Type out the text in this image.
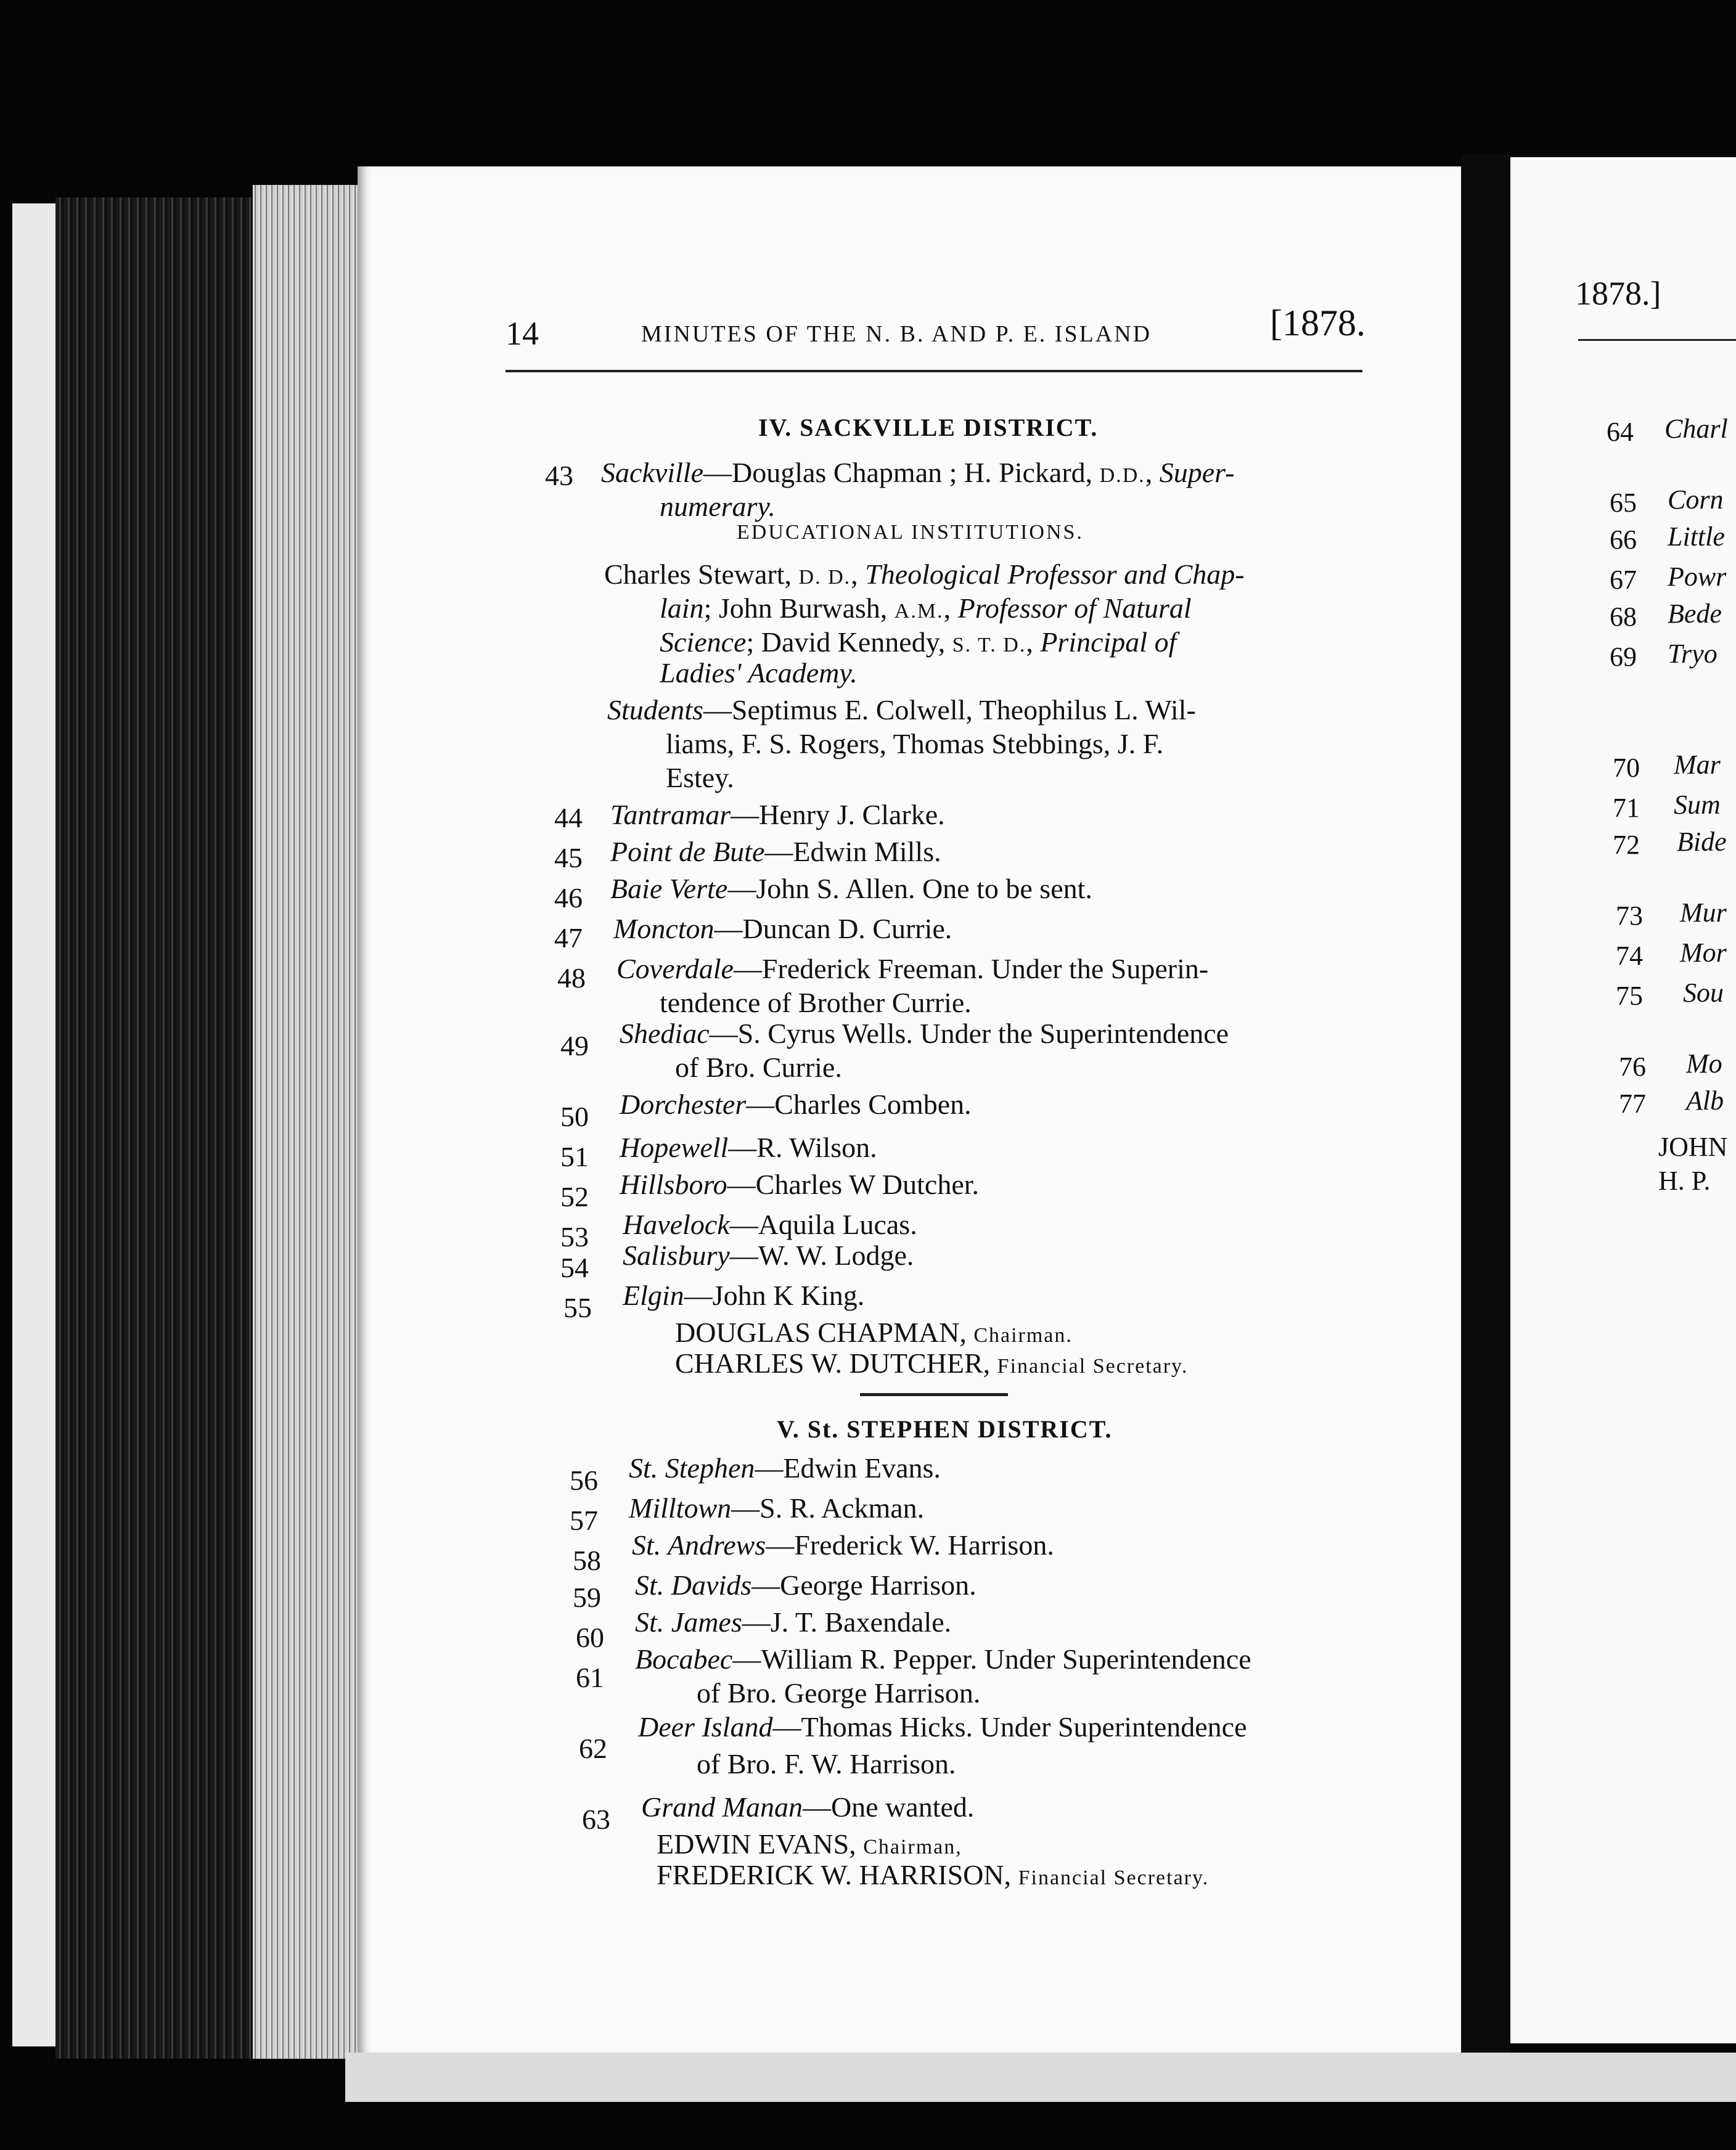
14	MINUTES OF THE N. B. AND P. E. ISLAND	[1878.
IV. SACKVILLE DISTRICT.
43 Sackville—Douglas Chapman ; H. Pickard, D.D., Super-
numerary.
EDUCATIONAL INSTITUTIONS.
Charles Stewart, D. D., Theological Professor and Chap-
lain; John Burwash, A.M., Professor of Natural
Science; David Kennedy, S. T. D., Principal of
Ladies' Academy.
Students—Septimus E. Colwell, Theophilus L. Wil-
liams, F. S. Rogers, Thomas Stebbings, J. F.
Estey.
44 Tantramar—Henry J. Clarke.
45 Point de Bute—Edwin Mills.
46 Baie Verte—John S. Allen. One to be sent.
47 Moncton—Duncan D. Currie.
48 Coverdale—Frederick Freeman. Under the Superin-
tendence of Brother Currie.
49 Shediac—S. Cyrus Wells. Under the Superintendence
of Bro. Currie.
50 Dorchester—Charles Comben.
51 Hopewell—R. Wilson.
52 Hillsboro—Charles W Dutcher.
53 Havelock—Aquila Lucas.
54 Salisbury—W. W. Lodge.
55 Elgin—John K King.
DOUGLAS CHAPMAN, Chairman.
CHARLES W. DUTCHER, Financial Secretary.
V. St. STEPHEN DISTRICT.
56 St. Stephen—Edwin Evans.
57 Milltown—S. R. Ackman.
58 St. Andrews—Frederick W. Harrison.
59 St. Davids—George Harrison.
60 St. James—J. T. Baxendale.
61
Bocabec—William R. Pepper. Under Superintendence
of Bro. George Harrison.
62
Deer Island—Thomas Hicks. Under Superintendence
of Bro. F. W. Harrison.
63 Grand Manan—One wanted.
EDWIN EVANS, Chairman,
FREDERICK W. HARRISON, Financial Secretary.
1878.]
64 Charl
65 Corn
66 Little
67 Powr
68 Bede
69 Tryo
70 Mar
71 Sum
72 Bide
73 Mur
74 Mor
75 Sou
76 Mo
77 Alb
JOHN
H. P.
